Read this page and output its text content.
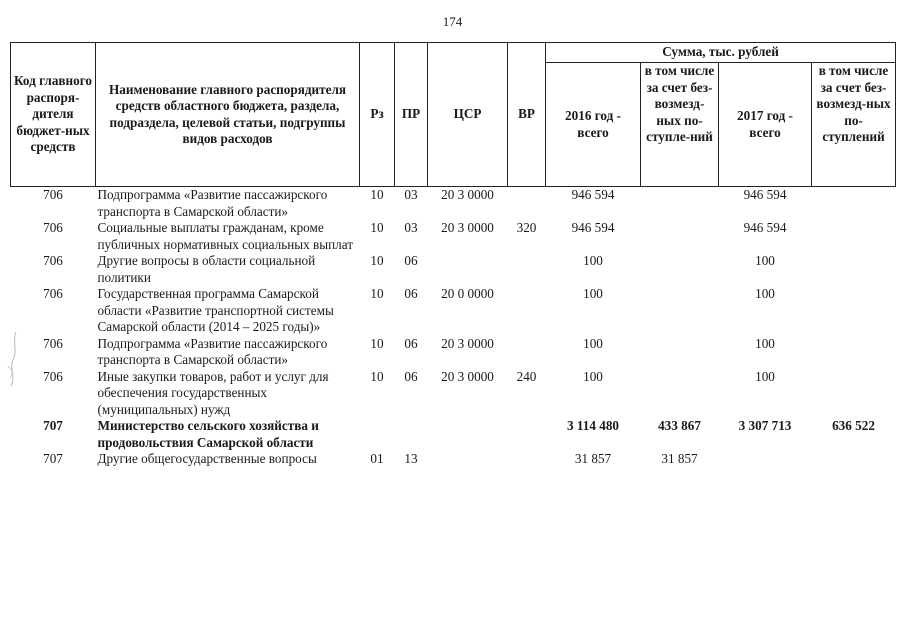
174
Код главного распоря-дителя бюджет-ных средств	Наименование главного распорядителя средств областного бюджета, раздела, подраздела, целевой статьи, подгруппы видов расходов	Рз	ПР	ЦСР	ВР	Сумма, тыс. рублей			
						2016 год - всего	в том числе за счет без-возмезд-ных по-ступле-ний	2017 год - всего	в том числе за счет без-возмезд-ных по-ступлений
706	Подпрограмма «Развитие пассажирского транспорта в Самарской области»	10	03	20 3 0000		946 594		946 594	
706	Социальные выплаты гражданам, кроме публичных нормативных социальных выплат	10	03	20 3 0000	320	946 594		946 594	
706	Другие вопросы в области социальной политики	10	06			100		100	
706	Государственная программа Самарской области «Развитие транспортной системы Самарской области (2014 – 2025 годы)»	10	06	20 0 0000		100		100	
706	Подпрограмма «Развитие пассажирского транспорта в Самарской области»	10	06	20 3 0000		100		100	
706	Иные закупки товаров, работ и услуг для обеспечения государственных (муниципальных) нужд	10	06	20 3 0000	240	100		100	
707	Министерство сельского хозяйства и продовольствия Самарской области					3 114 480	433 867	3 307 713	636 522
707	Другие общегосударственные вопросы	01	13			31 857	31 857		
